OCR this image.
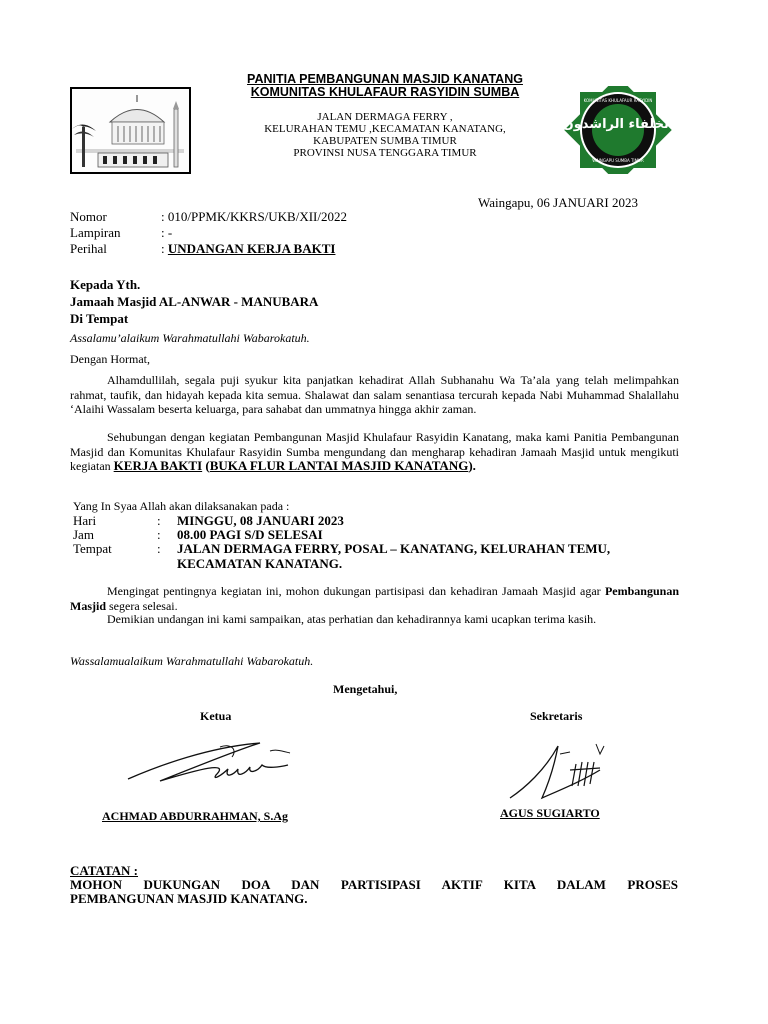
PANITIA PEMBANGUNAN MASJID KANATANG
KOMUNITAS KHULAFAUR RASYIDIN SUMBA
JALAN DERMAGA FERRY ,
KELURAHAN TEMU ,KECAMATAN KANATANG,
KABUPATEN SUMBA TIMUR
PROVINSI NUSA TENGGARA TIMUR
الخلفاء الراشدون
KOMUNITAS KHULAFAUR RASYIDIN
WAINGAPU SUMBA TIMUR
Waingapu, 06 JANUARI 2023
Nomor	: 010/PPMK/KKRS/UKB/XII/2022
Lampiran	: -
Perihal	: UNDANGAN KERJA BAKTI
Kepada Yth.
Jamaah Masjid AL-ANWAR - MANUBARA
Di Tempat
Assalamu’alaikum Warahmatullahi Wabarokatuh.
Dengan Hormat,
Alhamdullilah, segala puji syukur kita panjatkan kehadirat Allah Subhanahu Wa Ta’ala yang telah melimpahkan rahmat, taufik, dan hidayah kepada kita semua. Shalawat dan salam senantiasa tercurah kepada Nabi Muhammad Shalallahu ‘Alaihi Wassalam beserta keluarga, para sahabat dan ummatnya hingga akhir zaman.
Sehubungan dengan kegiatan Pembangunan Masjid Khulafaur Rasyidin Kanatang, maka kami Panitia Pembangunan Masjid dan Komunitas Khulafaur Rasyidin Sumba mengundang dan mengharap kehadiran Jamaah Masjid untuk mengikuti kegiatan KERJA BAKTI (BUKA FLUR LANTAI MASJID KANATANG).
Yang In Syaa Allah akan dilaksanakan pada :
Hari	: MINGGU, 08 JANUARI 2023
Jam	: 08.00 PAGI S/D SELESAI
Tempat	: JALAN DERMAGA FERRY, POSAL – KANATANG, KELURAHAN TEMU,
KECAMATAN KANATANG.
Mengingat pentingnya kegiatan ini, mohon dukungan partisipasi dan kehadiran Jamaah Masjid agar Pembangunan Masjid segera selesai.
Demikian undangan ini kami sampaikan, atas perhatian dan kehadirannya kami ucapkan terima kasih.
Wassalamualaikum Warahmatullahi Wabarokatuh.
Mengetahui,
Ketua	Sekretaris
ACHMAD ABDURRAHMAN, S.Ag	AGUS SUGIARTO
CATATAN :
MOHON DUKUNGAN DOA DAN PARTISIPASI AKTIF KITA DALAM PROSES
PEMBANGUNAN MASJID KANATANG.
